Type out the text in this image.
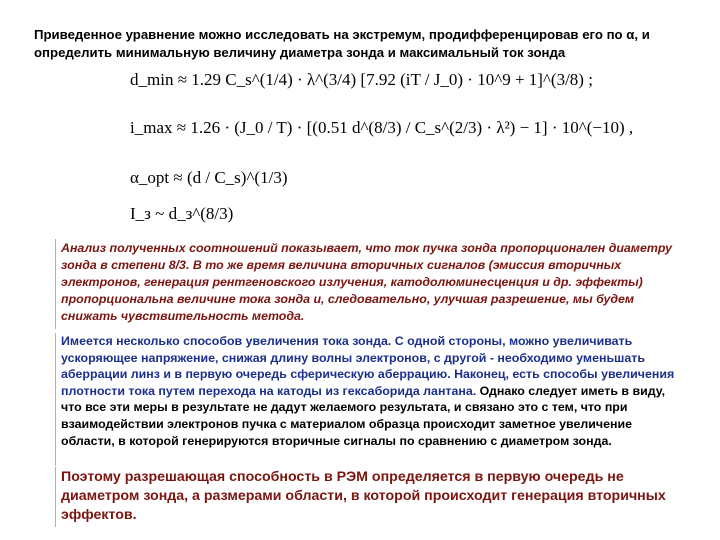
Приведенное уравнение можно исследовать на экстремум, продифференцировав его по α, и определить минимальную величину диаметра зонда и максимальный ток зонда
d_min ≈ 1.29 C_s^(1/4) · λ^(3/4) [7.92 (iT / J_0) · 10^9 + 1]^(3/8) ;
i_max ≈ 1.26 · (J_0 / T) · [(0.51 d^(8/3) / C_s^(2/3) · λ²) − 1] · 10^(−10) ,
α_opt ≈ (d / C_s)^(1/3)
I_з ~ d_з^(8/3)
Анализ полученных соотношений показывает, что ток пучка зонда пропорционален диаметру зонда в степени 8/3. В то же время величина вторичных сигналов (эмиссия вторичных электронов, генерация рентгеновского излучения, катодолюминесценция и др. эффекты) пропорциональна величине тока зонда и, следовательно, улучшая разрешение, мы будем снижать чувствительность метода.
Имеется несколько способов увеличения тока зонда. С одной стороны, можно увеличивать ускоряющее напряжение, снижая длину волны электронов, с другой - необходимо уменьшать аберрации линз и в первую очередь сферическую аберрацию. Наконец, есть способы увеличения плотности тока путем перехода на катоды из гексаборида лантана. Однако следует иметь в виду, что все эти меры в результате не дадут желаемого результата, и связано это с тем, что при взаимодействии электронов пучка с материалом образца происходит заметное увеличение области, в которой генерируются вторичные сигналы по сравнению с диаметром зонда.
Поэтому разрешающая способность в РЭМ определяется в первую очередь не диаметром зонда, а размерами области, в которой происходит генерация вторичных эффектов.
